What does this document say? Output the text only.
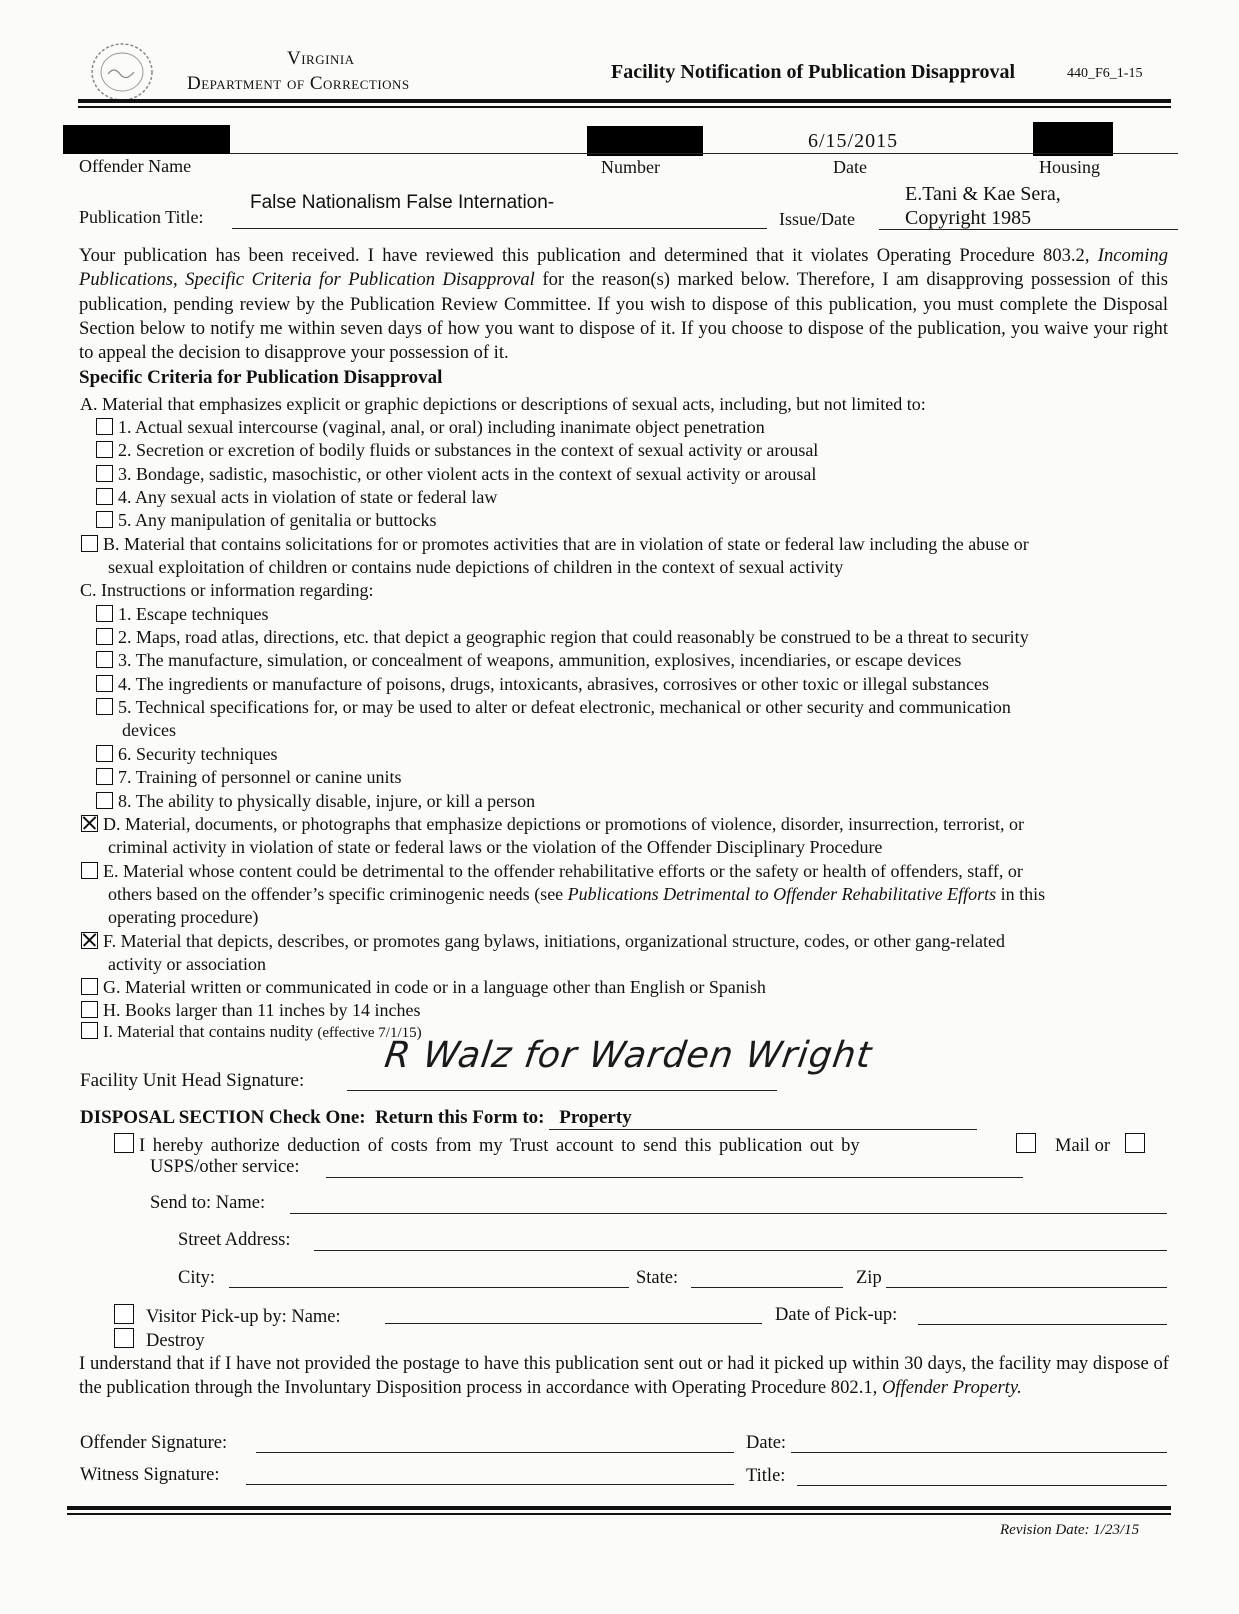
Virginia
Department of Corrections
Facility Notification of Publication Disapproval	440_F6_1-15
6/15/2015
Offender Name	Number	Date	Housing
Publication Title:
False Nationalism False Internation-
Issue/Date
E.Tani & Kae Sera,
Copyright 1985
Your publication has been received. I have reviewed this publication and determined that it violates Operating Procedure 803.2, Incoming Publications, Specific Criteria for Publication Disapproval for the reason(s) marked below. Therefore, I am disapproving possession of this publication, pending review by the Publication Review Committee. If you wish to dispose of this publication, you must complete the Disposal Section below to notify me within seven days of how you want to dispose of it. If you choose to dispose of the publication, you waive your right to appeal the decision to disapprove your possession of it.
Specific Criteria for Publication Disapproval
A. Material that emphasizes explicit or graphic depictions or descriptions of sexual acts, including, but not limited to:
1. Actual sexual intercourse (vaginal, anal, or oral) including inanimate object penetration
2. Secretion or excretion of bodily fluids or substances in the context of sexual activity or arousal
3. Bondage, sadistic, masochistic, or other violent acts in the context of sexual activity or arousal
4. Any sexual acts in violation of state or federal law
5. Any manipulation of genitalia or buttocks
B. Material that contains solicitations for or promotes activities that are in violation of state or federal law including the abuse or
sexual exploitation of children or contains nude depictions of children in the context of sexual activity
C. Instructions or information regarding:
1. Escape techniques
2. Maps, road atlas, directions, etc. that depict a geographic region that could reasonably be construed to be a threat to security
3. The manufacture, simulation, or concealment of weapons, ammunition, explosives, incendiaries, or escape devices
4. The ingredients or manufacture of poisons, drugs, intoxicants, abrasives, corrosives or other toxic or illegal substances
5. Technical specifications for, or may be used to alter or defeat electronic, mechanical or other security and communication
devices
6. Security techniques
7. Training of personnel or canine units
8. The ability to physically disable, injure, or kill a person
D. Material, documents, or photographs that emphasize depictions or promotions of violence, disorder, insurrection, terrorist, or
criminal activity in violation of state or federal laws or the violation of the Offender Disciplinary Procedure
E. Material whose content could be detrimental to the offender rehabilitative efforts or the safety or health of offenders, staff, or
others based on the offender’s specific criminogenic needs (see Publications Detrimental to Offender Rehabilitative Efforts in this
operating procedure)
F. Material that depicts, describes, or promotes gang bylaws, initiations, organizational structure, codes, or other gang-related
activity or association
G. Material written or communicated in code or in a language other than English or Spanish
H. Books larger than 11 inches by 14 inches
I. Material that contains nudity (effective 7/1/15)
Facility Unit Head Signature:
R Walz for Warden Wright
DISPOSAL SECTION Check One: Return this Form to: Property
I hereby authorize deduction of costs from my Trust account to send this publication out by	Mail or
USPS/other service:
Send to: Name:
Street Address:
City:	State:	Zip
Visitor Pick-up by: Name:	Date of Pick-up:
Destroy
I understand that if I have not provided the postage to have this publication sent out or had it picked up within 30 days, the facility may dispose of the publication through the Involuntary Disposition process in accordance with Operating Procedure 802.1, Offender Property.
Offender Signature:	Date:
Witness Signature:	Title:
Revision Date: 1/23/15
